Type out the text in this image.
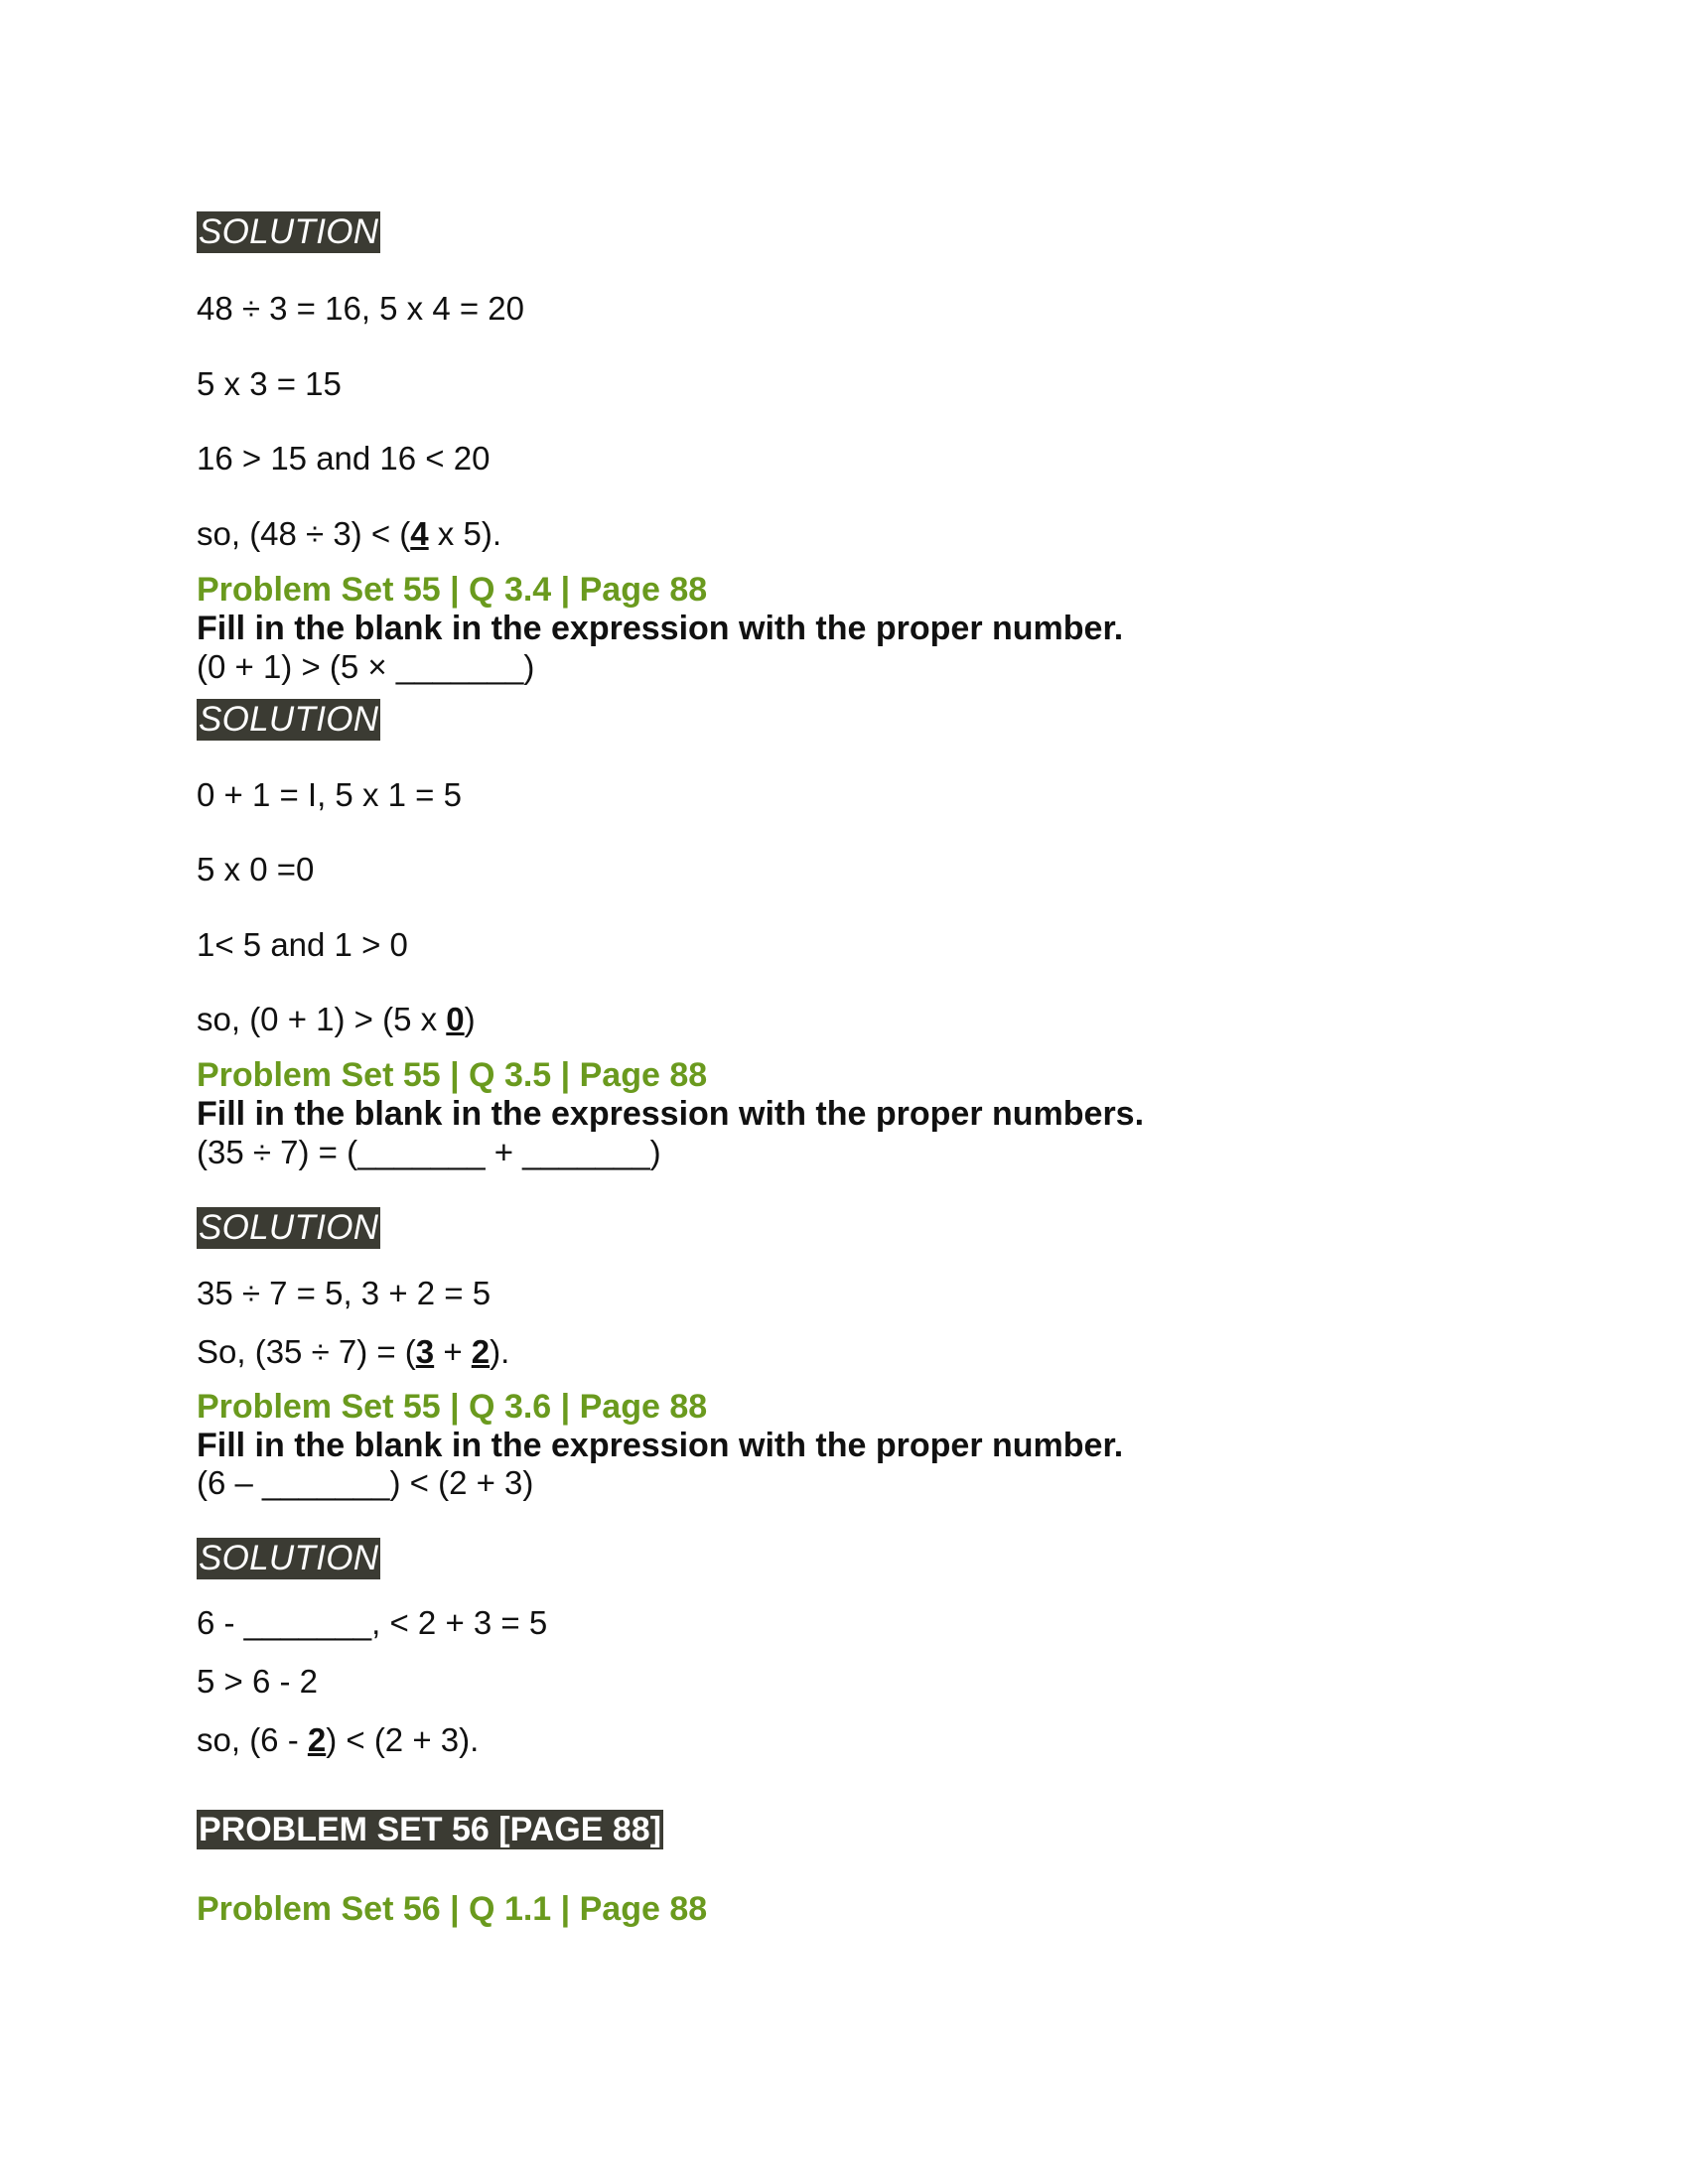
SOLUTION
48 ÷ 3 = 16, 5 x 4 = 20
5 x 3 = 15
16 > 15 and 16 < 20
so, (48 ÷ 3) < (4 x 5).
Problem Set 55 | Q 3.4 | Page 88
Fill in the blank in the expression with the proper number.
(0 + 1) > (5 × _______)
SOLUTION
0 + 1 = I, 5 x 1 = 5
5 x 0 =0
1< 5 and 1 > 0
so, (0 + 1) > (5 x 0)
Problem Set 55 | Q 3.5 | Page 88
Fill in the blank in the expression with the proper numbers.
(35 ÷ 7) = (_______ + _______)
SOLUTION
35 ÷ 7 = 5, 3 + 2 = 5
So, (35 ÷ 7) = (3 + 2).
Problem Set 55 | Q 3.6 | Page 88
Fill in the blank in the expression with the proper number.
(6 – _______) < (2 + 3)
SOLUTION
6 - _______, < 2 + 3 = 5
5 > 6 - 2
so, (6 - 2) < (2 + 3).
PROBLEM SET 56 [PAGE 88]
Problem Set 56 | Q 1.1 | Page 88
